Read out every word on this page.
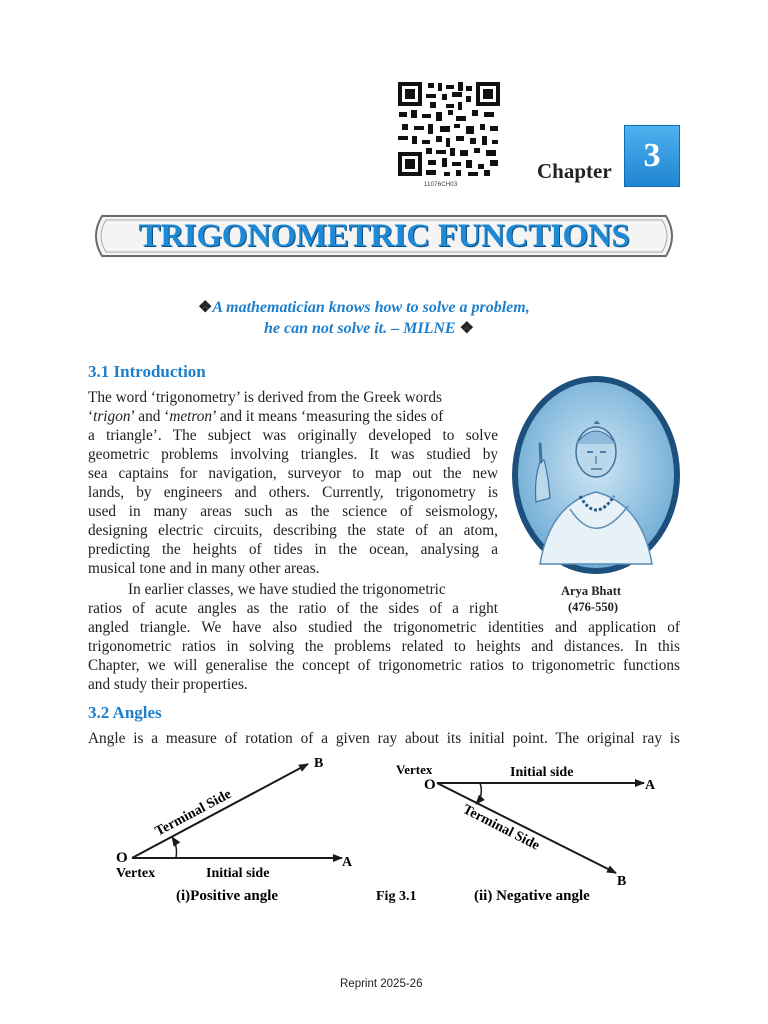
11076CH03
Chapter 3
TRIGONOMETRIC FUNCTIONS
❖A mathematician knows how to solve a problem,
he can not solve it. – MILNE ❖
3.1 Introduction
The word ‘trigonometry’ is derived from the Greek words
‘trigon’ and ‘metron’ and it means ‘measuring the sides of
a triangle’. The subject was originally developed to solve
geometric problems involving triangles. It was studied by
sea captains for navigation, surveyor to map out the new
lands, by engineers and others. Currently, trigonometry is
used in many areas such as the science of seismology,
designing electric circuits, describing the state of an atom,
predicting the heights of tides in the ocean, analysing a
musical tone and in many other areas.
In earlier classes, we have studied the trigonometric
ratios of acute angles as the ratio of the sides of a right
angled triangle. We have also studied the trigonometric identities and application of
trigonometric ratios in solving the problems related to heights and distances. In this
Chapter, we will generalise the concept of trigonometric ratios to trigonometric functions
and study their properties.
Arya Bhatt
(476-550)
3.2 Angles
Angle is a measure of rotation of a given ray about its initial point. The original ray is
O
Vertex	Initial side
A
B
Terminal Side
(i)Positive angle	Fig 3.1
Vertex
O
Initial side
A
B
Terminal Side
(ii) Negative angle
Reprint 2025-26
